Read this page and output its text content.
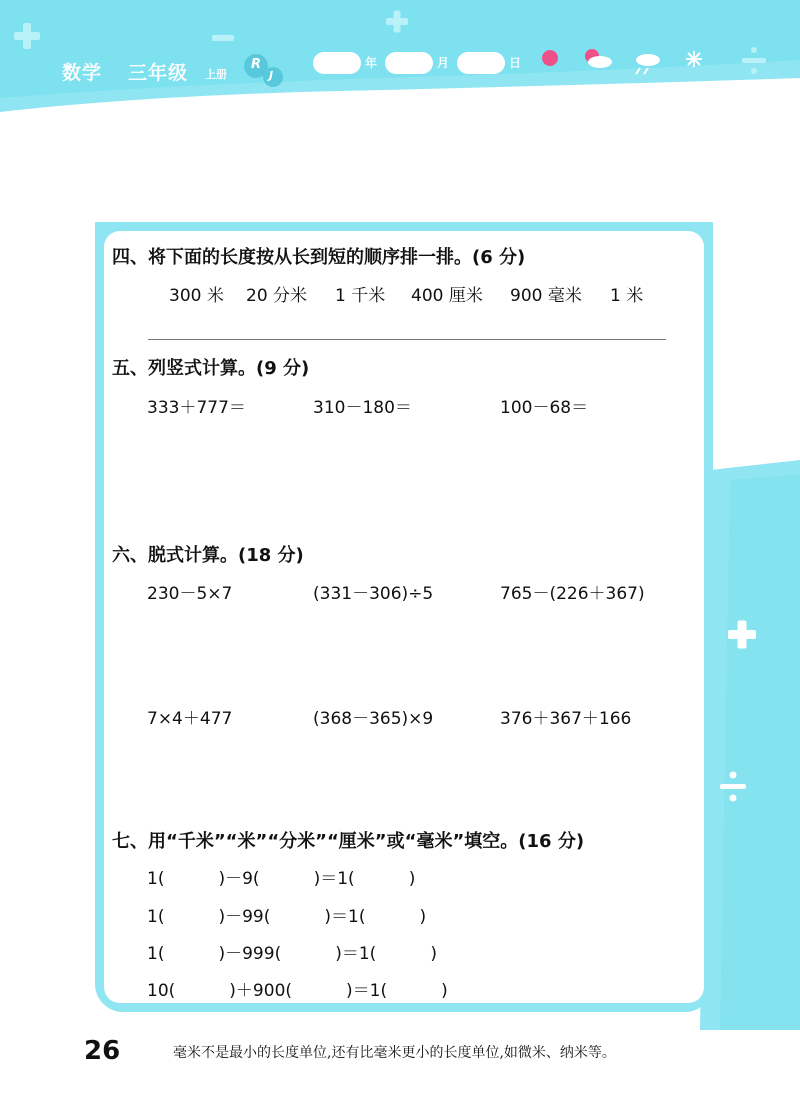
数学 三年级 上册
R
J
年	月	日
四、将下面的长度按从长到短的顺序排一排。(6 分)
300 米 20 分米 1 千米 400 厘米 900 毫米 1 米
五、列竖式计算。(9 分)
333＋777＝	310－180＝	100－68＝
六、脱式计算。(18 分)
230－5×7	(331－306)÷5	765－(226＋367)
7×4＋477	(368－365)×9	376＋367＋166
七、用“千米”“米”“分米”“厘米”或“毫米”填空。(16 分)
1(          )－9(          )＝1(          )
1(          )－99(          )＝1(          )
1(          )－999(          )＝1(          )
10(          )＋900(          )＝1(          )
26	毫米不是最小的长度单位,还有比毫米更小的长度单位,如微米、纳米等。
